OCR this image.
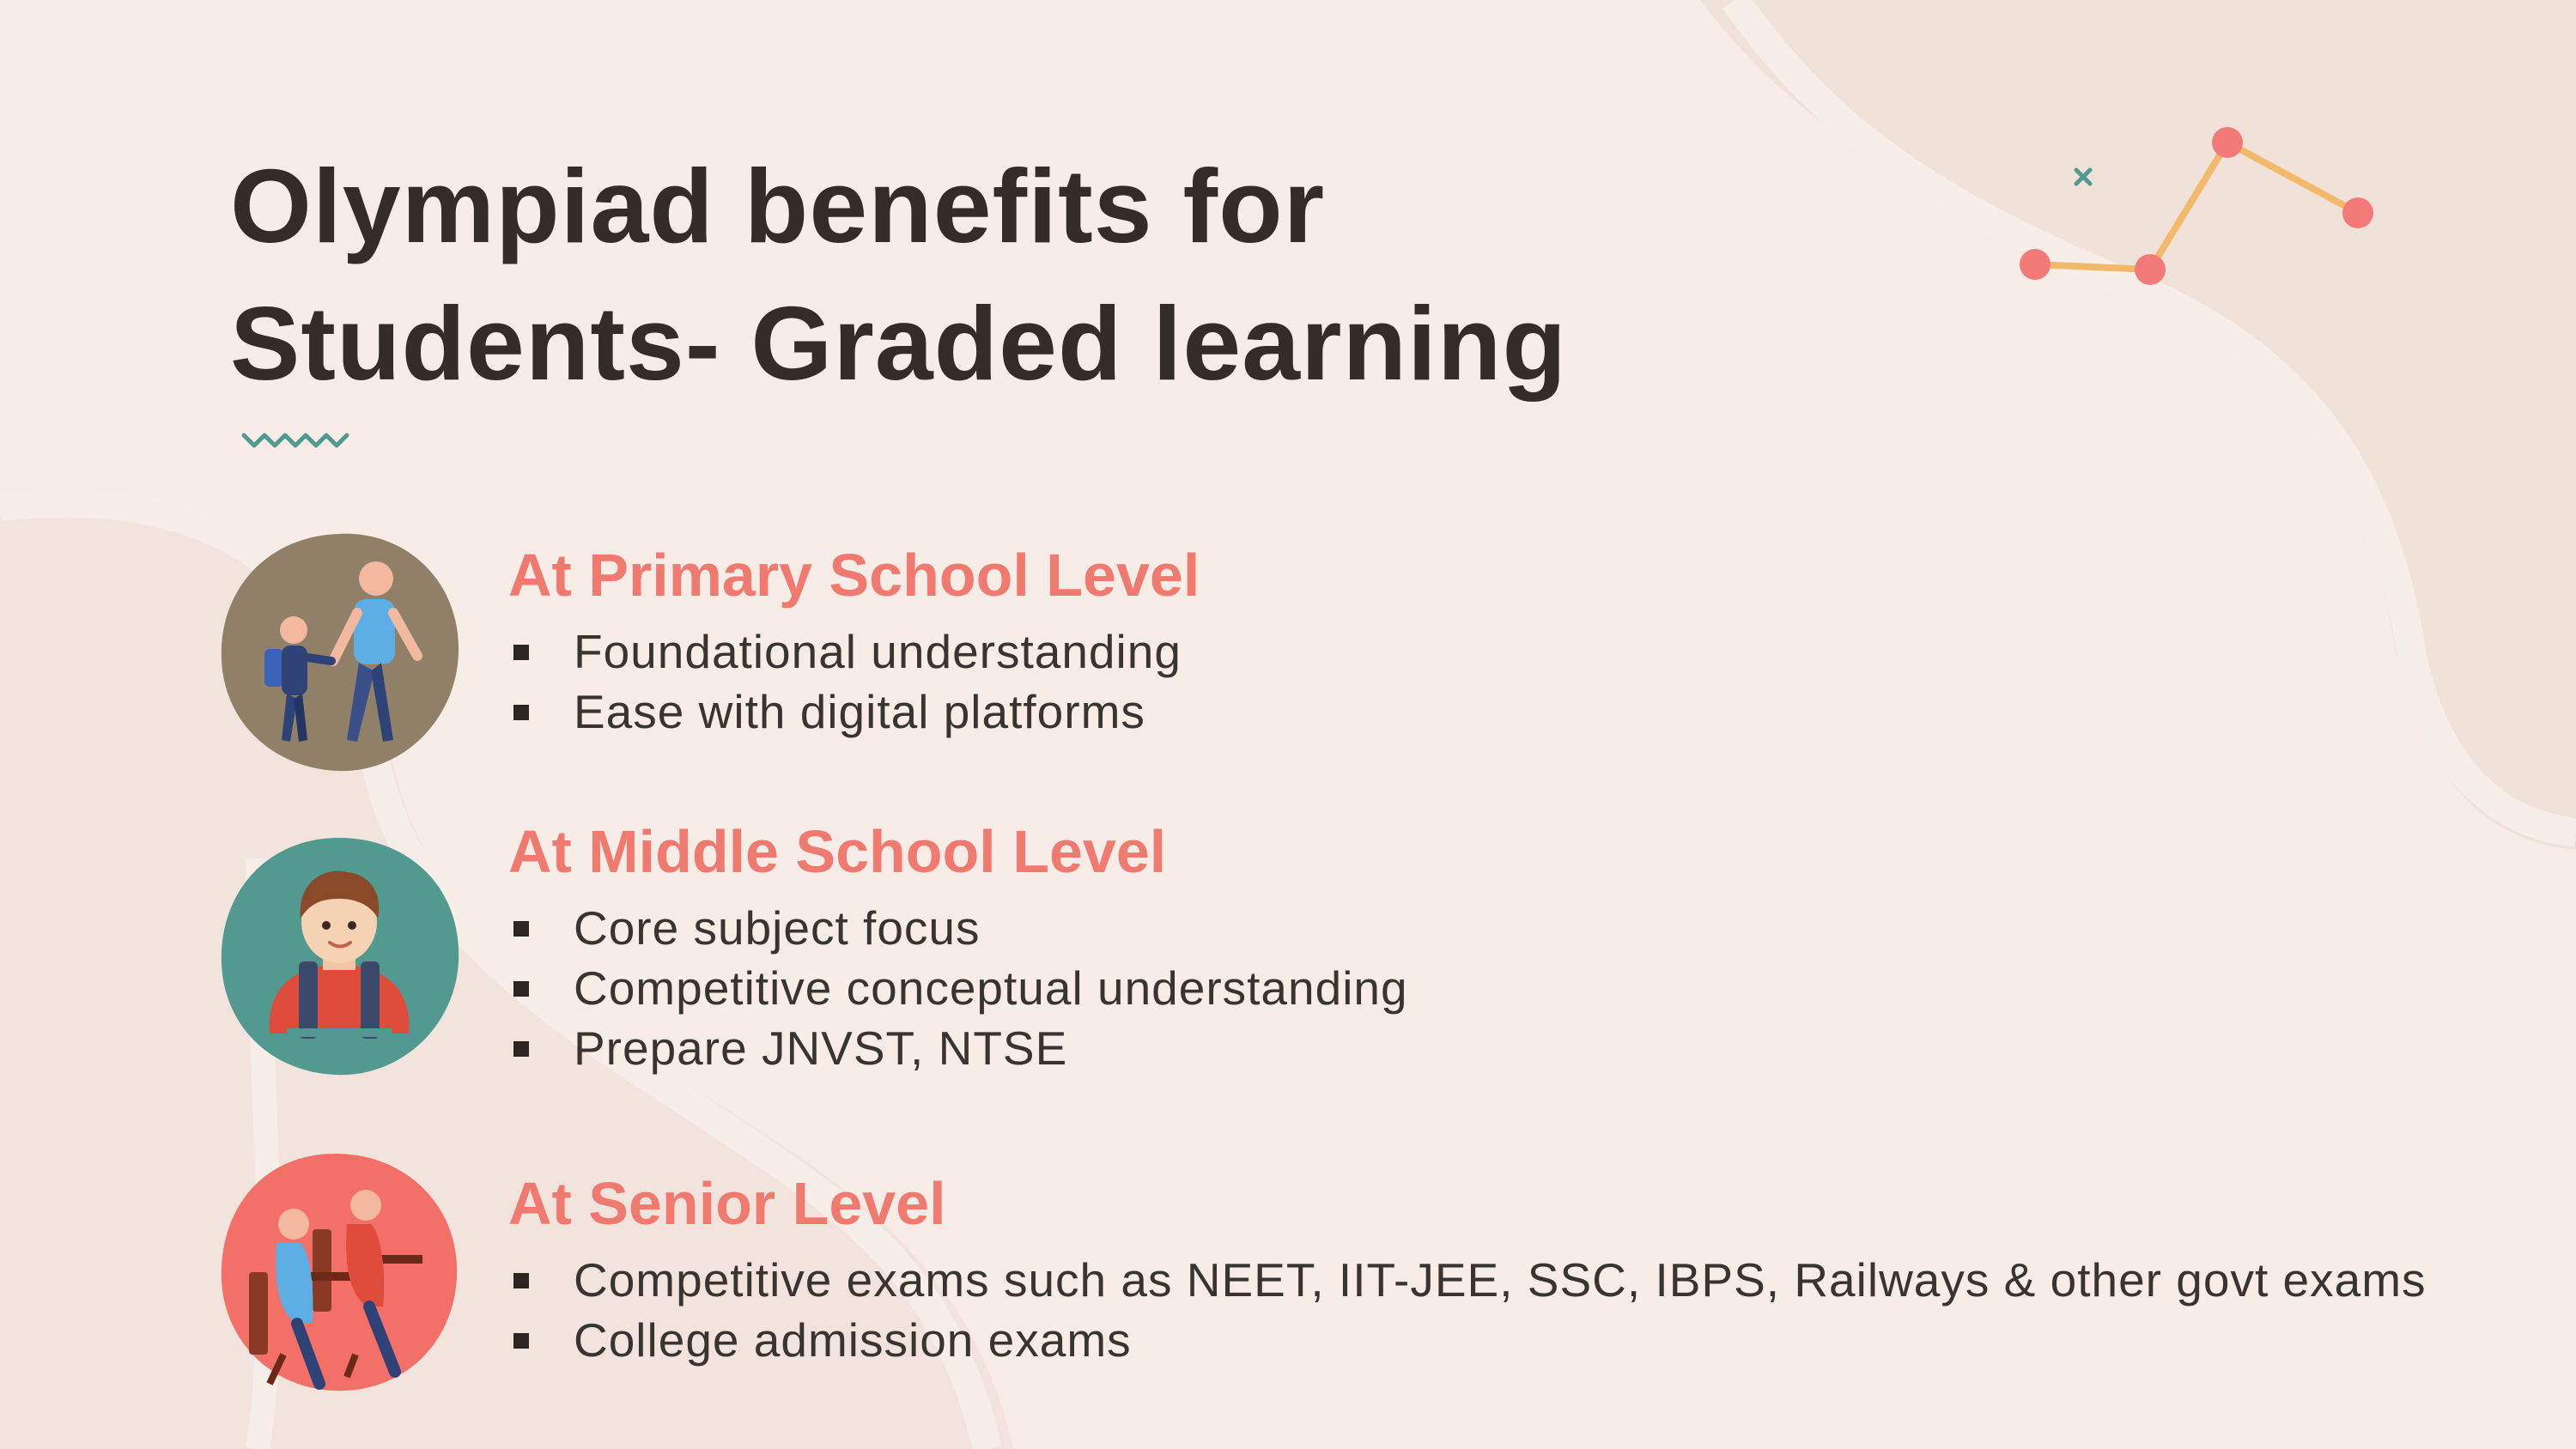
Olympiad benefits for
Students- Graded learning
At Primary School Level
Foundational understanding
Ease with digital platforms
At Middle School Level
Core subject focus
Competitive conceptual understanding
Prepare JNVST, NTSE
At Senior Level
Competitive exams such as NEET, IIT-JEE, SSC, IBPS, Railways & other govt exams
College admission exams
